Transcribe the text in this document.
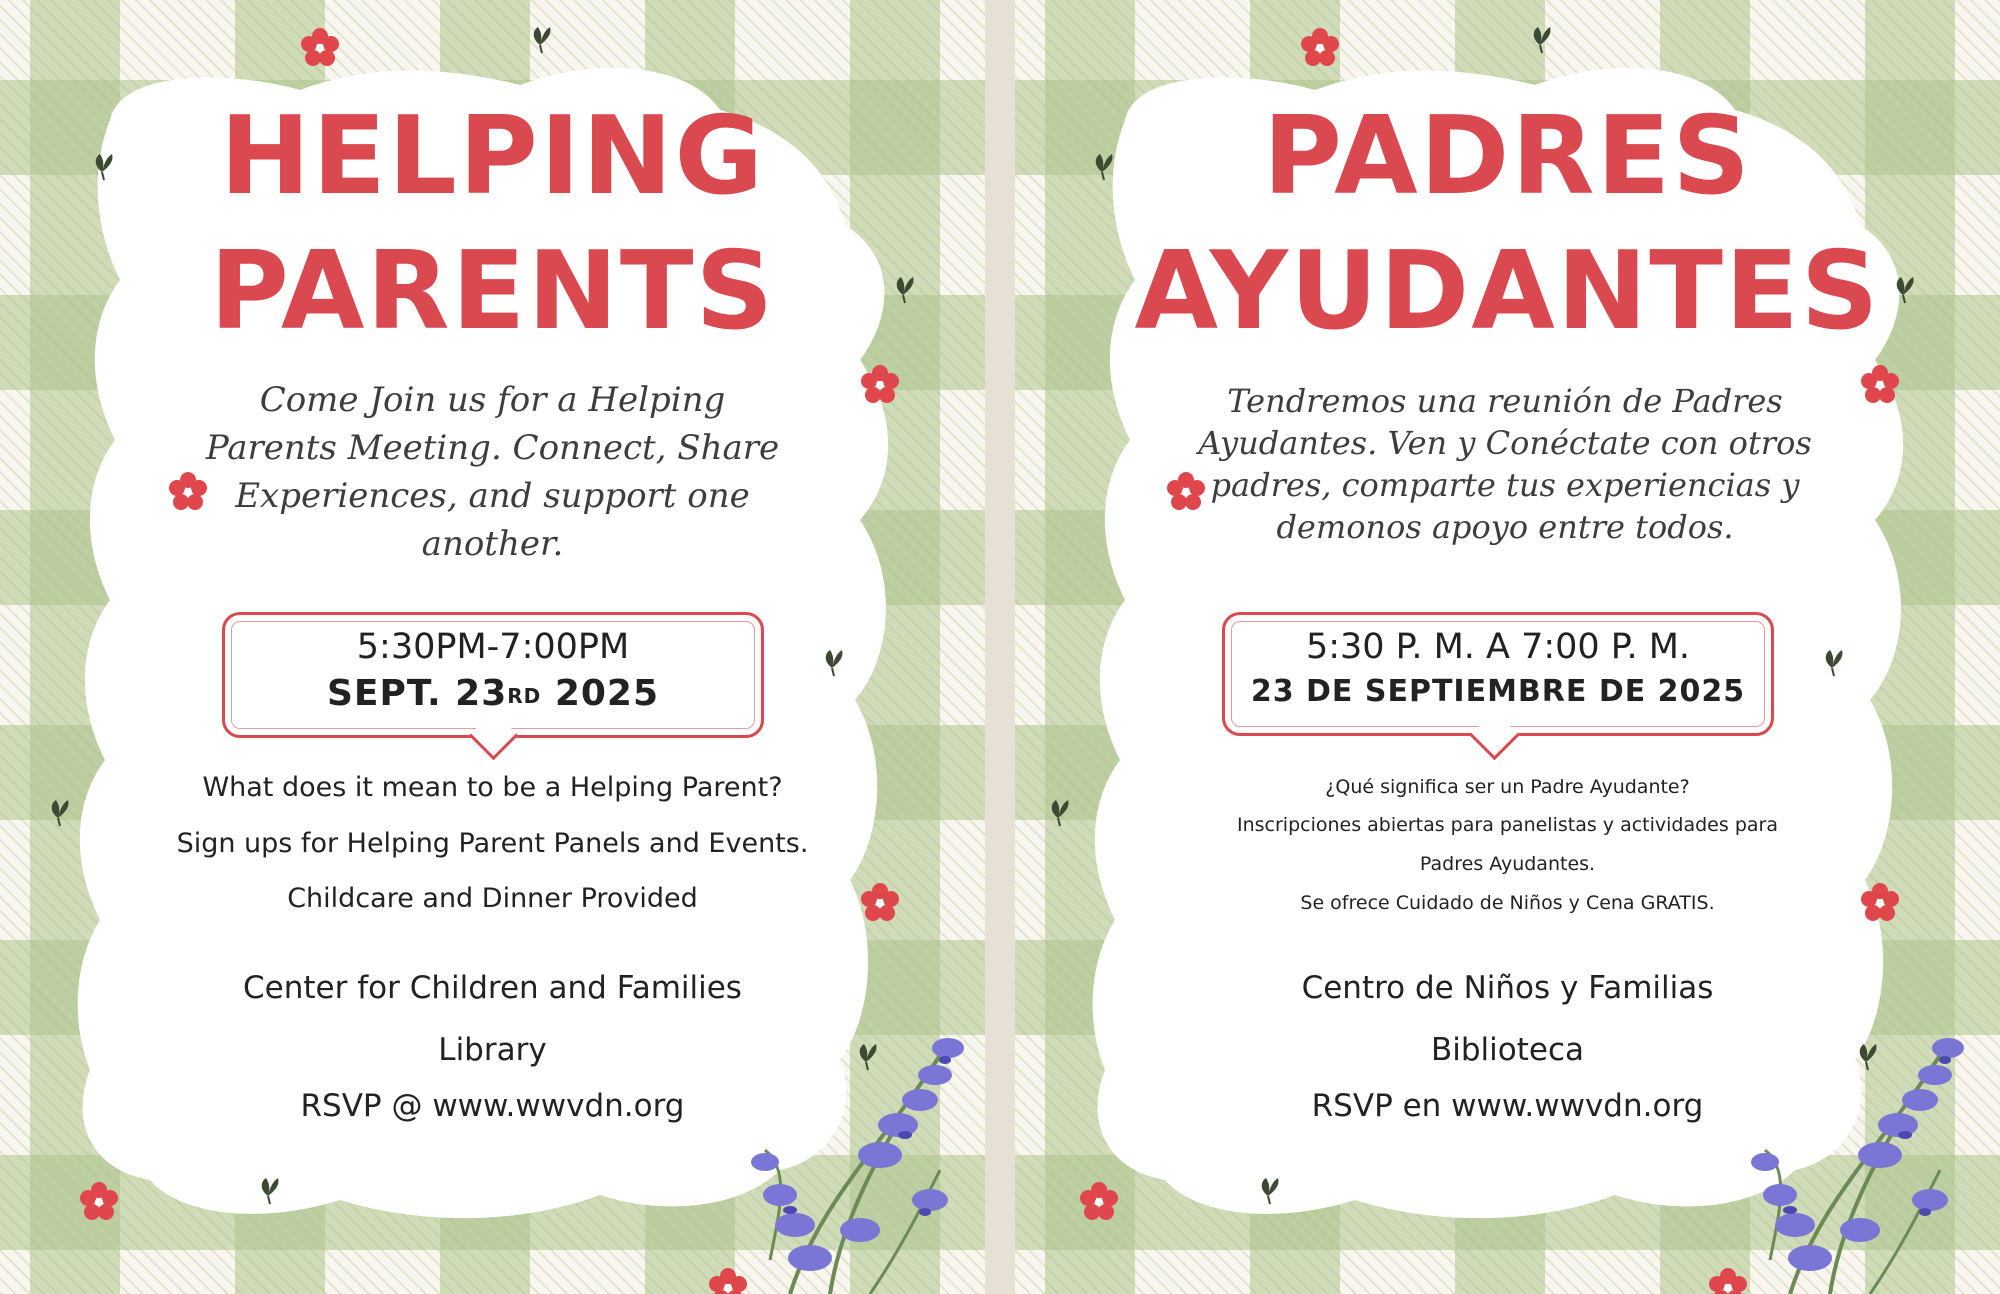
HELPING
PARENTS
Come Join us for a Helping
Parents Meeting. Connect, Share
Experiences, and support one
another.
5:30PM-7:00PM
SEPT. 23RD 2025

What does it mean to be a Helping Parent?

Sign ups for Helping Parent Panels and Events.

Childcare and Dinner Provided

Center for Children and Families

Library

RSVP @ www.wwvdn.org

PADRES
AYUDANTES
Tendremos una reunión de Padres
Ayudantes. Ven y Conéctate con otros
padres, comparte tus experiencias y
demonos apoyo entre todos.
5:30 P. M. A 7:00 P. M.
23 DE SEPTIEMBRE DE 2025

¿Qué significa ser un Padre Ayudante?

Inscripciones abiertas para panelistas y actividades para

Padres Ayudantes.

Se ofrece Cuidado de Niños y Cena GRATIS.

Centro de Niños y Familias

Biblioteca

RSVP en www.wwvdn.org
